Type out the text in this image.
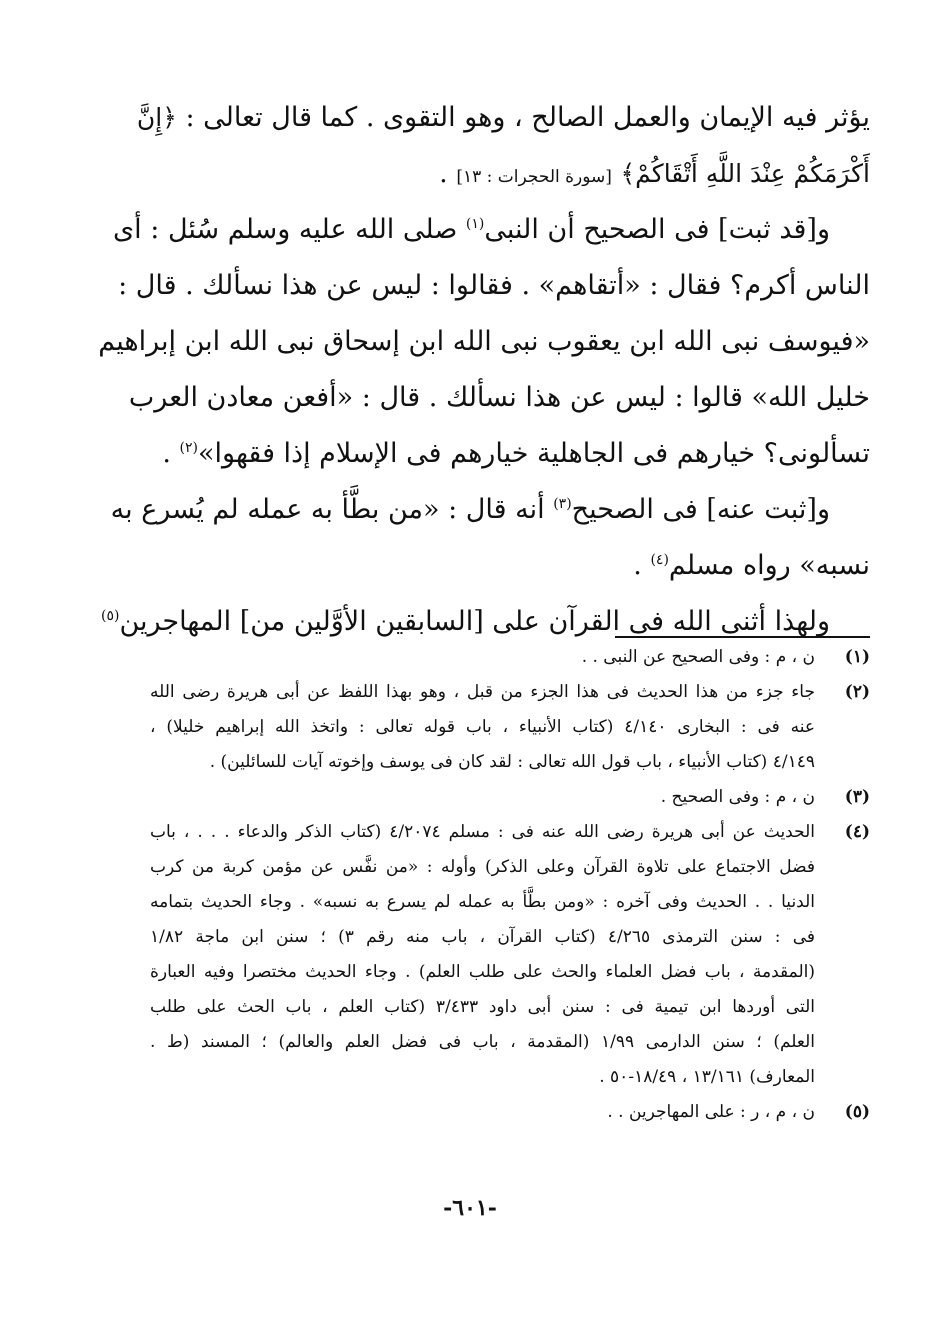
يؤثر فيه الإيمان والعمل الصالح ، وهو التقوى . كما قال تعالى : ﴿إِنَّ
أَكْرَمَكُمْ عِنْدَ اللَّهِ أَتْقَاكُمْ﴾ [سورة الحجرات : ١٣] .
و[قد ثبت] فى الصحيح أن النبى$^{(١)}$ صلى الله عليه وسلم سُئل : أى
الناس أكرم؟ فقال : «أتقاهم» . فقالوا : ليس عن هذا نسألك . قال :
«فيوسف نبى الله ابن يعقوب نبى الله ابن إسحاق نبى الله ابن إبراهيم
خليل الله» قالوا : ليس عن هذا نسألك . قال : «أفعن معادن العرب
تسألونى؟ خيارهم فى الجاهلية خيارهم فى الإسلام إذا فقهوا»$^{(٢)}$ .
و[ثبت عنه] فى الصحيح$^{(٣)}$ أنه قال : «من بطَّأ به عمله لم يُسرع به
نسبه» رواه مسلم$^{(٤)}$ .
ولهذا أثنى الله فى القرآن على [السابقين الأوَّلين من] المهاجرين$^{(٥)}$
(١)
ن ، م : وفى الصحيح عن النبى . .
(٢)
جاء جزء من هذا الحديث فى هذا الجزء من قبل ، وهو بهذا اللفظ عن أبى هريرة رضى الله
عنه فى : البخارى ٤/١٤٠ (كتاب الأنبياء ، باب قوله تعالى : واتخذ الله إبراهيم خليلا) ،
٤/١٤٩ (كتاب الأنبياء ، باب قول الله تعالى : لقد كان فى يوسف وإخوته آيات للسائلين) .
(٣)
ن ، م : وفى الصحيح .
(٤)
الحديث عن أبى هريرة رضى الله عنه فى : مسلم ٤/٢٠٧٤ (كتاب الذكر والدعاء . . . ، باب
فضل الاجتماع على تلاوة القرآن وعلى الذكر) وأوله : «من نفَّس عن مؤمن كربة من كرب
الدنيا . . الحديث وفى آخره : «ومن بطَّأ به عمله لم يسرع به نسبه» . وجاء الحديث بتمامه
فى : سنن الترمذى ٤/٢٦٥ (كتاب القرآن ، باب منه رقم ٣) ؛ سنن ابن ماجة ١/٨٢
(المقدمة ، باب فضل العلماء والحث على طلب العلم) . وجاء الحديث مختصرا وفيه العبارة
التى أوردها ابن تيمية فى : سنن أبى داود ٣/٤٣٣ (كتاب العلم ، باب الحث على طلب
العلم) ؛ سنن الدارمى ١/٩٩ (المقدمة ، باب فى فضل العلم والعالم) ؛ المسند (ط .
المعارف) ١٣/١٦١ ، ١٨/٤٩-٥٠ .
(٥)
ن ، م ، ر : على المهاجرين . .
-٦٠١-
